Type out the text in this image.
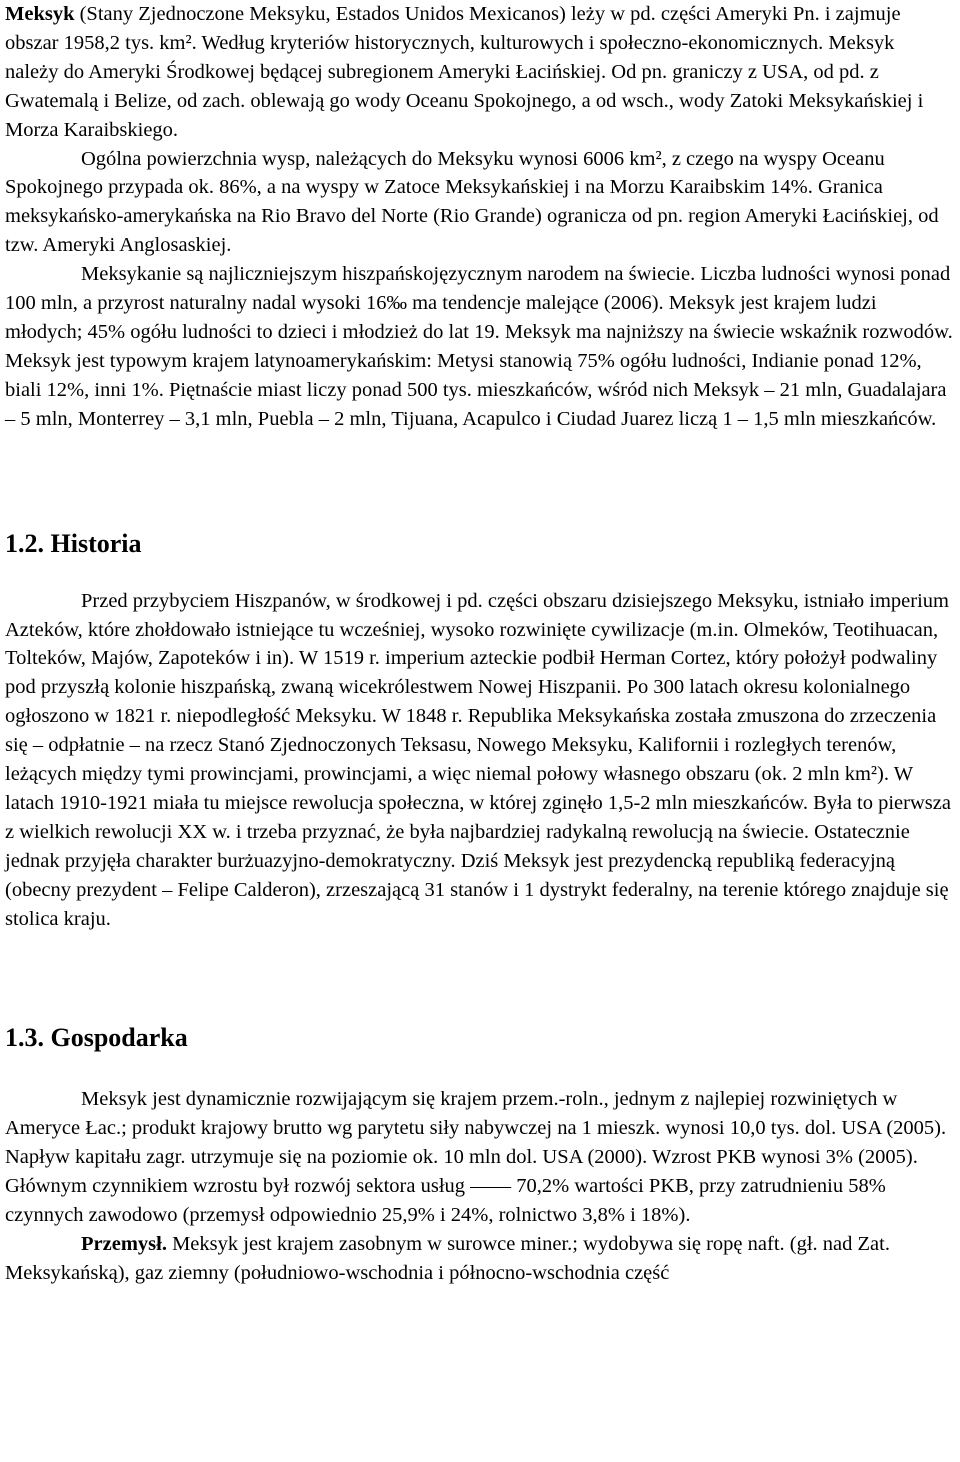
Meksyk (Stany Zjednoczone Meksyku, Estados Unidos Mexicanos) leży w pd. części Ameryki Pn. i zajmuje obszar 1958,2 tys. km². Według kryteriów historycznych, kulturowych i społeczno-ekonomicznych. Meksyk należy do Ameryki Środkowej będącej subregionem Ameryki Łacińskiej. Od pn. graniczy z USA, od pd. z Gwatemalą i Belize, od zach. oblewają go wody Oceanu Spokojnego, a od wsch., wody Zatoki Meksykańskiej i Morza Karaibskiego.

Ogólna powierzchnia wysp, należących do Meksyku wynosi 6006 km², z czego na wyspy Oceanu Spokojnego przypada ok. 86%, a na wyspy w Zatoce Meksykańskiej i na Morzu Karaibskim 14%. Granica meksykańsko-amerykańska na Rio Bravo del Norte (Rio Grande) ogranicza od pn. region Ameryki Łacińskiej, od tzw. Ameryki Anglosaskiej.

Meksykanie są najliczniejszym hiszpańskojęzycznym narodem na świecie. Liczba ludności wynosi ponad 100 mln, a przyrost naturalny nadal wysoki 16‰ ma tendencje malejące (2006). Meksyk jest krajem ludzi młodych; 45% ogółu ludności to dzieci i młodzież do lat 19. Meksyk ma najniższy na świecie wskaźnik rozwodów. Meksyk jest typowym krajem latynoamerykańskim: Metysi stanowią 75% ogółu ludności, Indianie ponad 12%, biali 12%, inni 1%. Piętnaście miast liczy ponad 500 tys. mieszkańców, wśród nich Meksyk – 21 mln, Guadalajara – 5 mln, Monterrey – 3,1 mln, Puebla – 2 mln, Tijuana, Acapulco i Ciudad Juarez liczą 1 – 1,5 mln mieszkańców.

1.2. Historia

Przed przybyciem Hiszpanów, w środkowej i pd. części obszaru dzisiejszego Meksyku, istniało imperium Azteków, które zhołdowało istniejące tu wcześniej, wysoko rozwinięte cywilizacje (m.in. Olmeków, Teotihuacan, Tolteków, Majów, Zapoteków i in). W 1519 r. imperium azteckie podbił Herman Cortez, który położył podwaliny pod przyszłą kolonie hiszpańską, zwaną wicekrólestwem Nowej Hiszpanii. Po 300 latach okresu kolonialnego ogłoszono w 1821 r. niepodległość Meksyku. W 1848 r. Republika Meksykańska została zmuszona do zrzeczenia się – odpłatnie – na rzecz Stanó Zjednoczonych Teksasu, Nowego Meksyku, Kalifornii i rozległych terenów, leżących między tymi prowincjami, prowincjami, a więc niemal połowy własnego obszaru (ok. 2 mln km²). W latach 1910-1921 miała tu miejsce rewolucja społeczna, w której zginęło 1,5-2 mln mieszkańców. Była to pierwsza z wielkich rewolucji XX w. i trzeba przyznać, że była najbardziej radykalną rewolucją na świecie. Ostatecznie jednak przyjęła charakter burżuazyjno-demokratyczny. Dziś Meksyk jest prezydencką republiką federacyjną (obecny prezydent – Felipe Calderon), zrzeszającą 31 stanów i 1 dystrykt federalny, na terenie którego znajduje się stolica kraju.

1.3. Gospodarka

Meksyk jest dynamicznie rozwijającym się krajem przem.-roln., jednym z najlepiej rozwiniętych w Ameryce Łac.; produkt krajowy brutto wg parytetu siły nabywczej na 1 mieszk. wynosi 10,0 tys. dol. USA (2005). Napływ kapitału zagr. utrzymuje się na poziomie ok. 10 mln dol. USA (2000). Wzrost PKB wynosi 3% (2005). Głównym czynnikiem wzrostu był rozwój sektora usług —— 70,2% wartości PKB, przy zatrudnieniu 58% czynnych zawodowo (przemysł odpowiednio 25,9% i 24%, rolnictwo 3,8% i 18%).

Przemysł. Meksyk jest krajem zasobnym w surowce miner.; wydobywa się ropę naft. (gł. nad Zat. Meksykańską), gaz ziemny (południowo-wschodnia i północno-wschodnia część
